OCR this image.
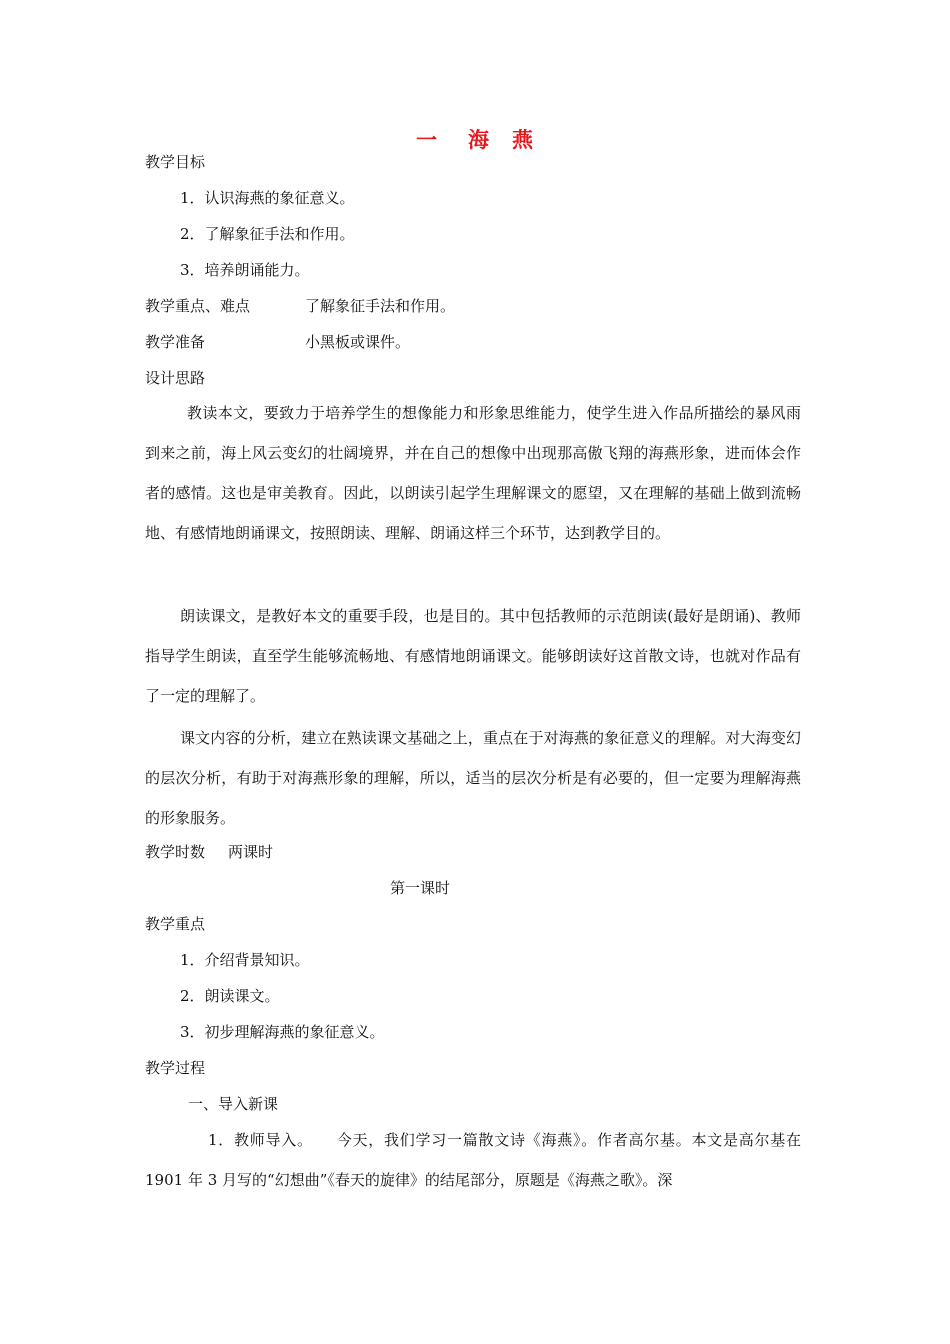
一 海 燕
教学目标
1．认识海燕的象征意义。
2．了解象征手法和作用。
3．培养朗诵能力。
教学重点、难点	了解象征手法和作用。
教学准备	小黑板或课件。
设计思路
教读本文，要致力于培养学生的想像能力和形象思维能力，使学生进入作品所描绘的暴风雨到来之前，海上风云变幻的壮阔境界，并在自己的想像中出现那高傲飞翔的海燕形象，进而体会作者的感情。这也是审美教育。因此，以朗读引起学生理解课文的愿望，又在理解的基础上做到流畅地、有感情地朗诵课文，按照朗读、理解、朗诵这样三个环节，达到教学目的。
朗读课文，是教好本文的重要手段，也是目的。其中包括教师的示范朗读(最好是朗诵)、教师指导学生朗读，直至学生能够流畅地、有感情地朗诵课文。能够朗读好这首散文诗，也就对作品有了一定的理解了。
课文内容的分析，建立在熟读课文基础之上，重点在于对海燕的象征意义的理解。对大海变幻的层次分析，有助于对海燕形象的理解，所以，适当的层次分析是有必要的，但一定要为理解海燕的形象服务。
教学时数 两课时
第一课时
教学重点
1．介绍背景知识。
2．朗读课文。
3．初步理解海燕的象征意义。
教学过程
一、导入新课
1．教师导入。　　今天，我们学习一篇散文诗《海燕》。作者高尔基。本文是高尔基在 1901 年 3 月写的“幻想曲”《春天的旋律》的结尾部分，原题是《海燕之歌》。深
